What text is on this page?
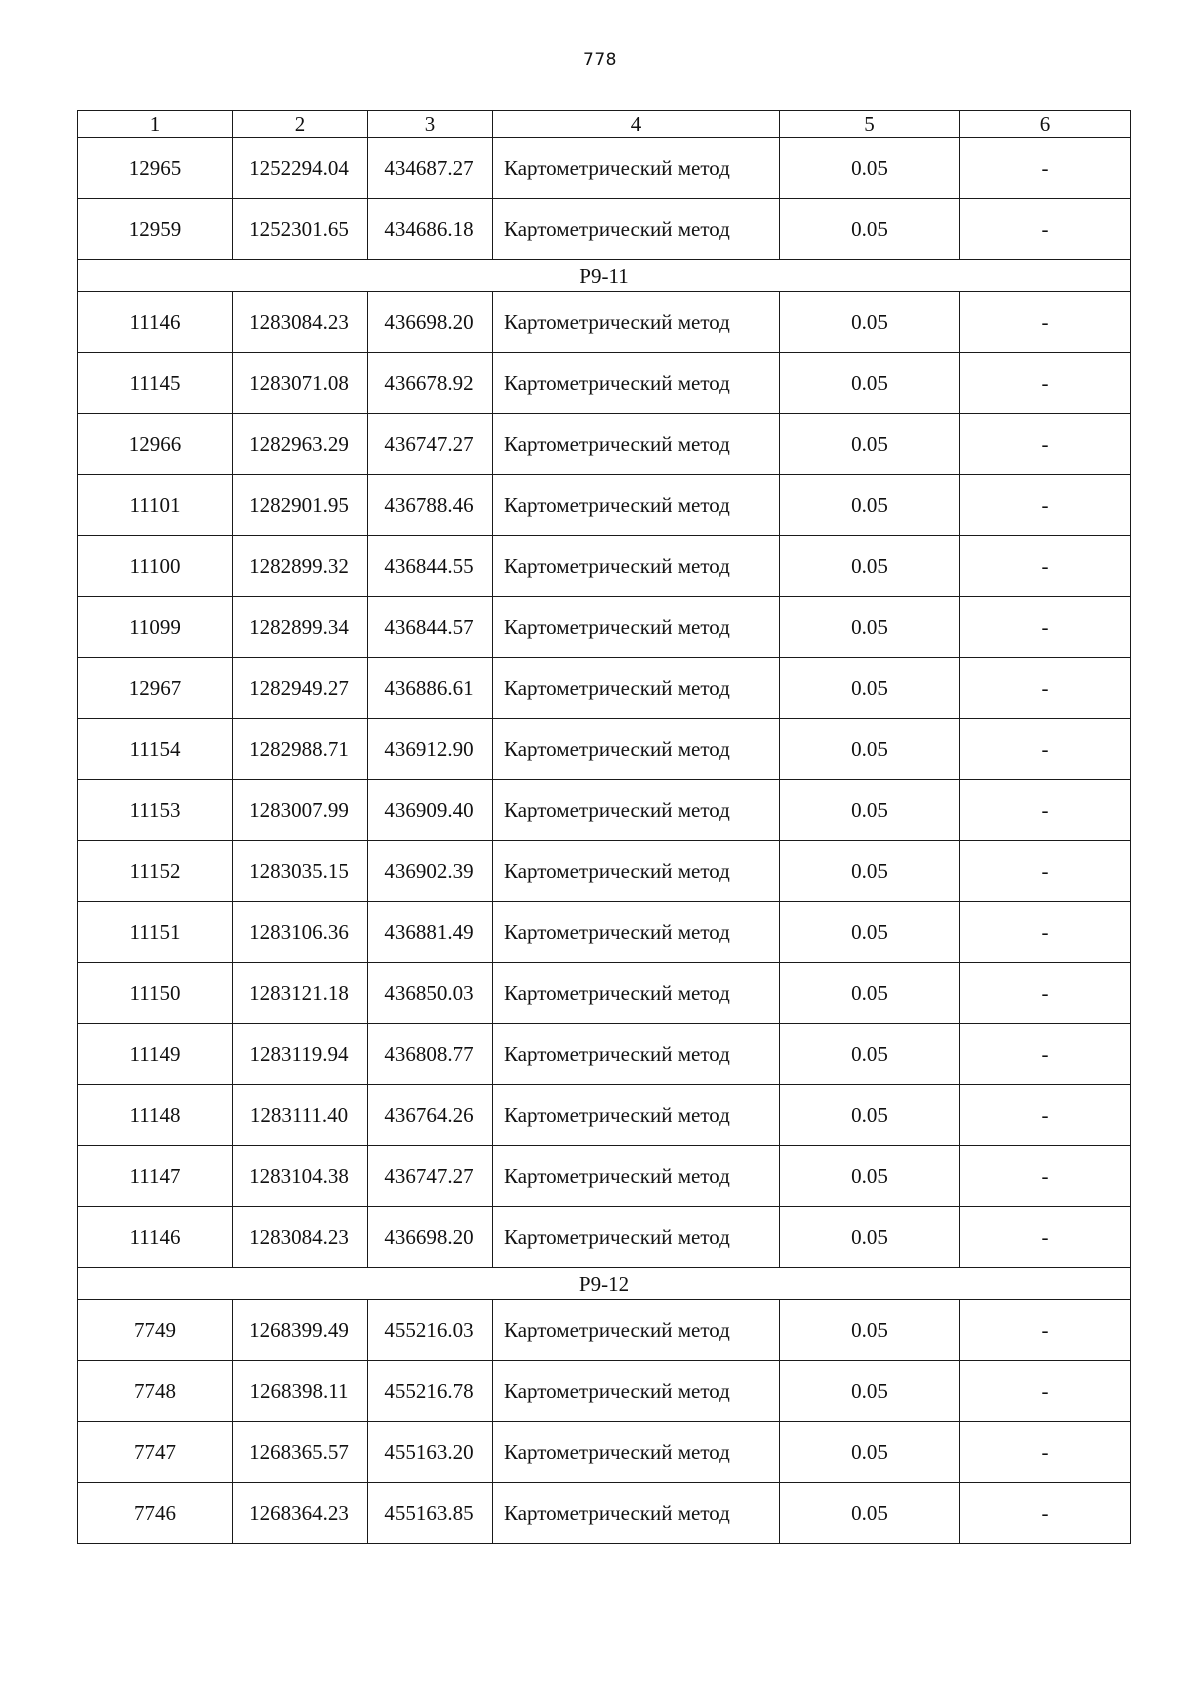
778
1	2	3	4	5	6
12965	1252294.04	434687.27	Картометрический метод	0.05	-
12959	1252301.65	434686.18	Картометрический метод	0.05	-
Р9-11					
11146	1283084.23	436698.20	Картометрический метод	0.05	-
11145	1283071.08	436678.92	Картометрический метод	0.05	-
12966	1282963.29	436747.27	Картометрический метод	0.05	-
11101	1282901.95	436788.46	Картометрический метод	0.05	-
11100	1282899.32	436844.55	Картометрический метод	0.05	-
11099	1282899.34	436844.57	Картометрический метод	0.05	-
12967	1282949.27	436886.61	Картометрический метод	0.05	-
11154	1282988.71	436912.90	Картометрический метод	0.05	-
11153	1283007.99	436909.40	Картометрический метод	0.05	-
11152	1283035.15	436902.39	Картометрический метод	0.05	-
11151	1283106.36	436881.49	Картометрический метод	0.05	-
11150	1283121.18	436850.03	Картометрический метод	0.05	-
11149	1283119.94	436808.77	Картометрический метод	0.05	-
11148	1283111.40	436764.26	Картометрический метод	0.05	-
11147	1283104.38	436747.27	Картометрический метод	0.05	-
11146	1283084.23	436698.20	Картометрический метод	0.05	-
Р9-12					
7749	1268399.49	455216.03	Картометрический метод	0.05	-
7748	1268398.11	455216.78	Картометрический метод	0.05	-
7747	1268365.57	455163.20	Картометрический метод	0.05	-
7746	1268364.23	455163.85	Картометрический метод	0.05	-
